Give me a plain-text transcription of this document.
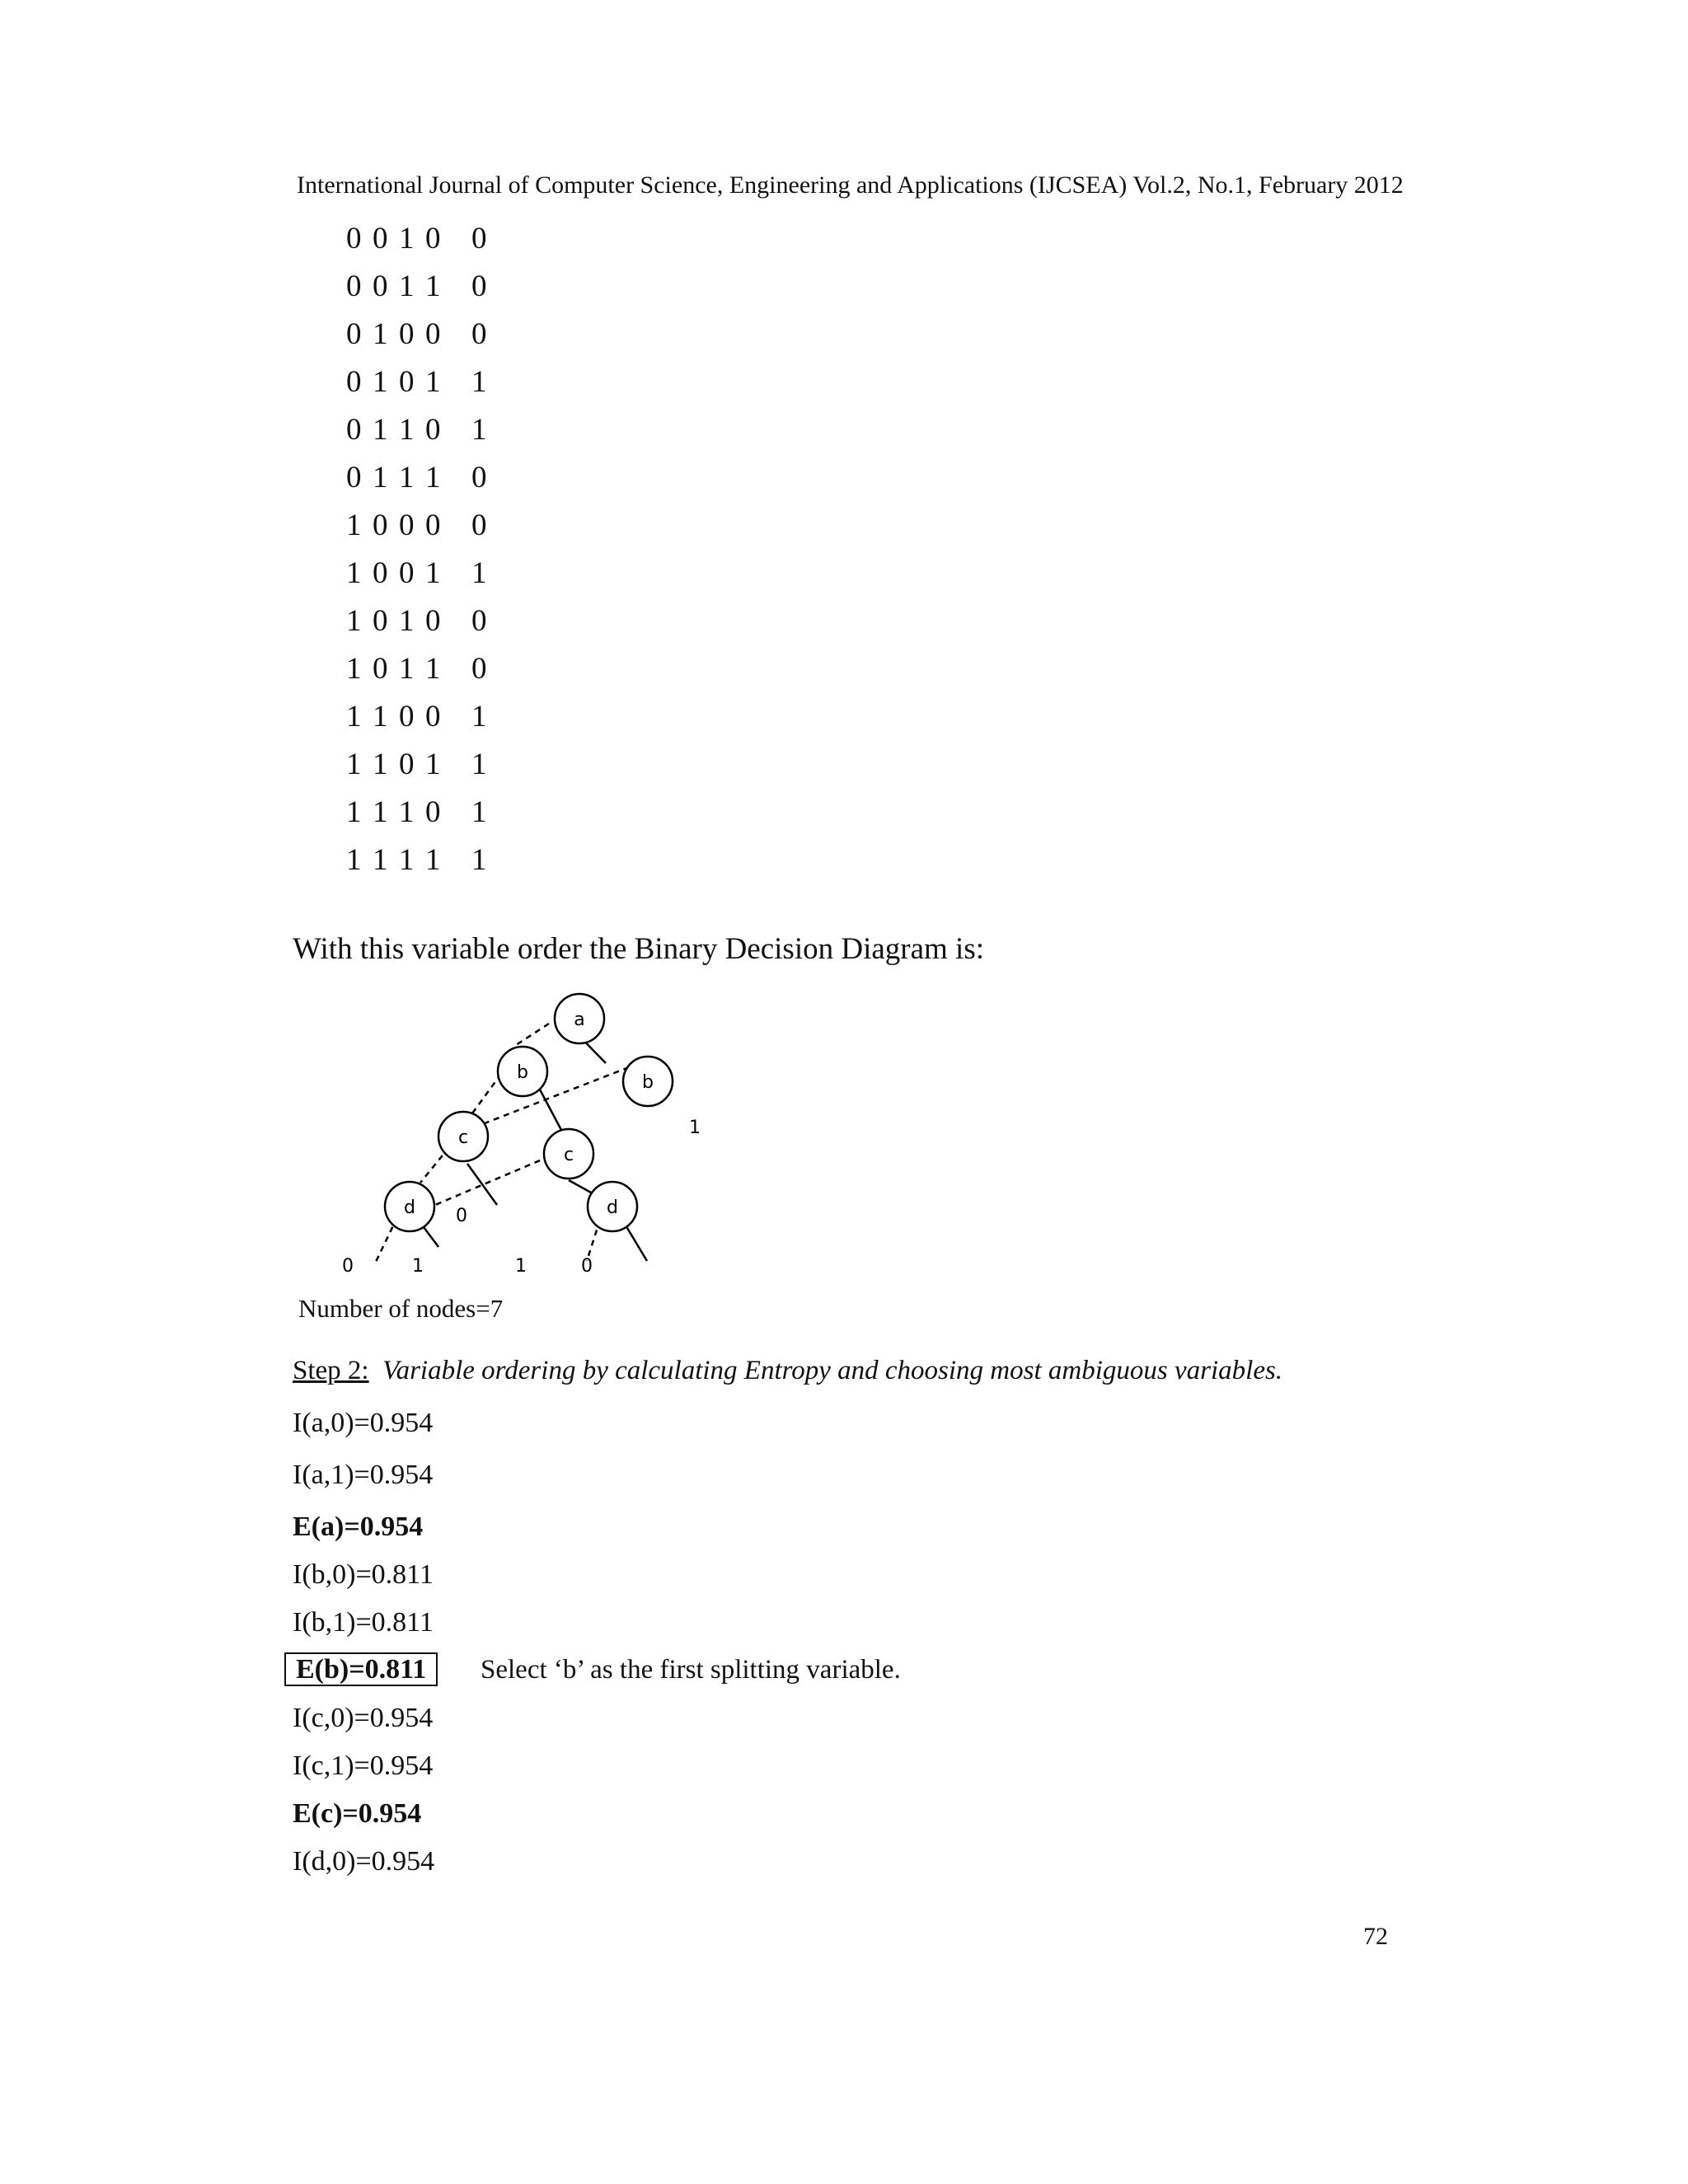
International Journal of Computer Science, Engineering and Applications (IJCSEA) Vol.2, No.1, February 2012
0 0 1 0 0
0 0 1 1 0
0 1 0 0 0
0 1 0 1 1
0 1 1 0 1
0 1 1 1 0
1 0 0 0 0
1 0 0 1 1
1 0 1 0 0
1 0 1 1 0
1 1 0 0 1
1 1 0 1 1
1 1 1 0 1
1 1 1 1 1
With this variable order the Binary Decision Diagram is:
a
b	b
c
c
d	d
1
0
0	1	1	0
Number of nodes=7
Step 2: Variable ordering by calculating Entropy and choosing most ambiguous variables.
I(a,0)=0.954
I(a,1)=0.954
E(a)=0.954
I(b,0)=0.811
I(b,1)=0.811
E(b)=0.811	Select ‘b’ as the first splitting variable.
I(c,0)=0.954
I(c,1)=0.954
E(c)=0.954
I(d,0)=0.954
72
